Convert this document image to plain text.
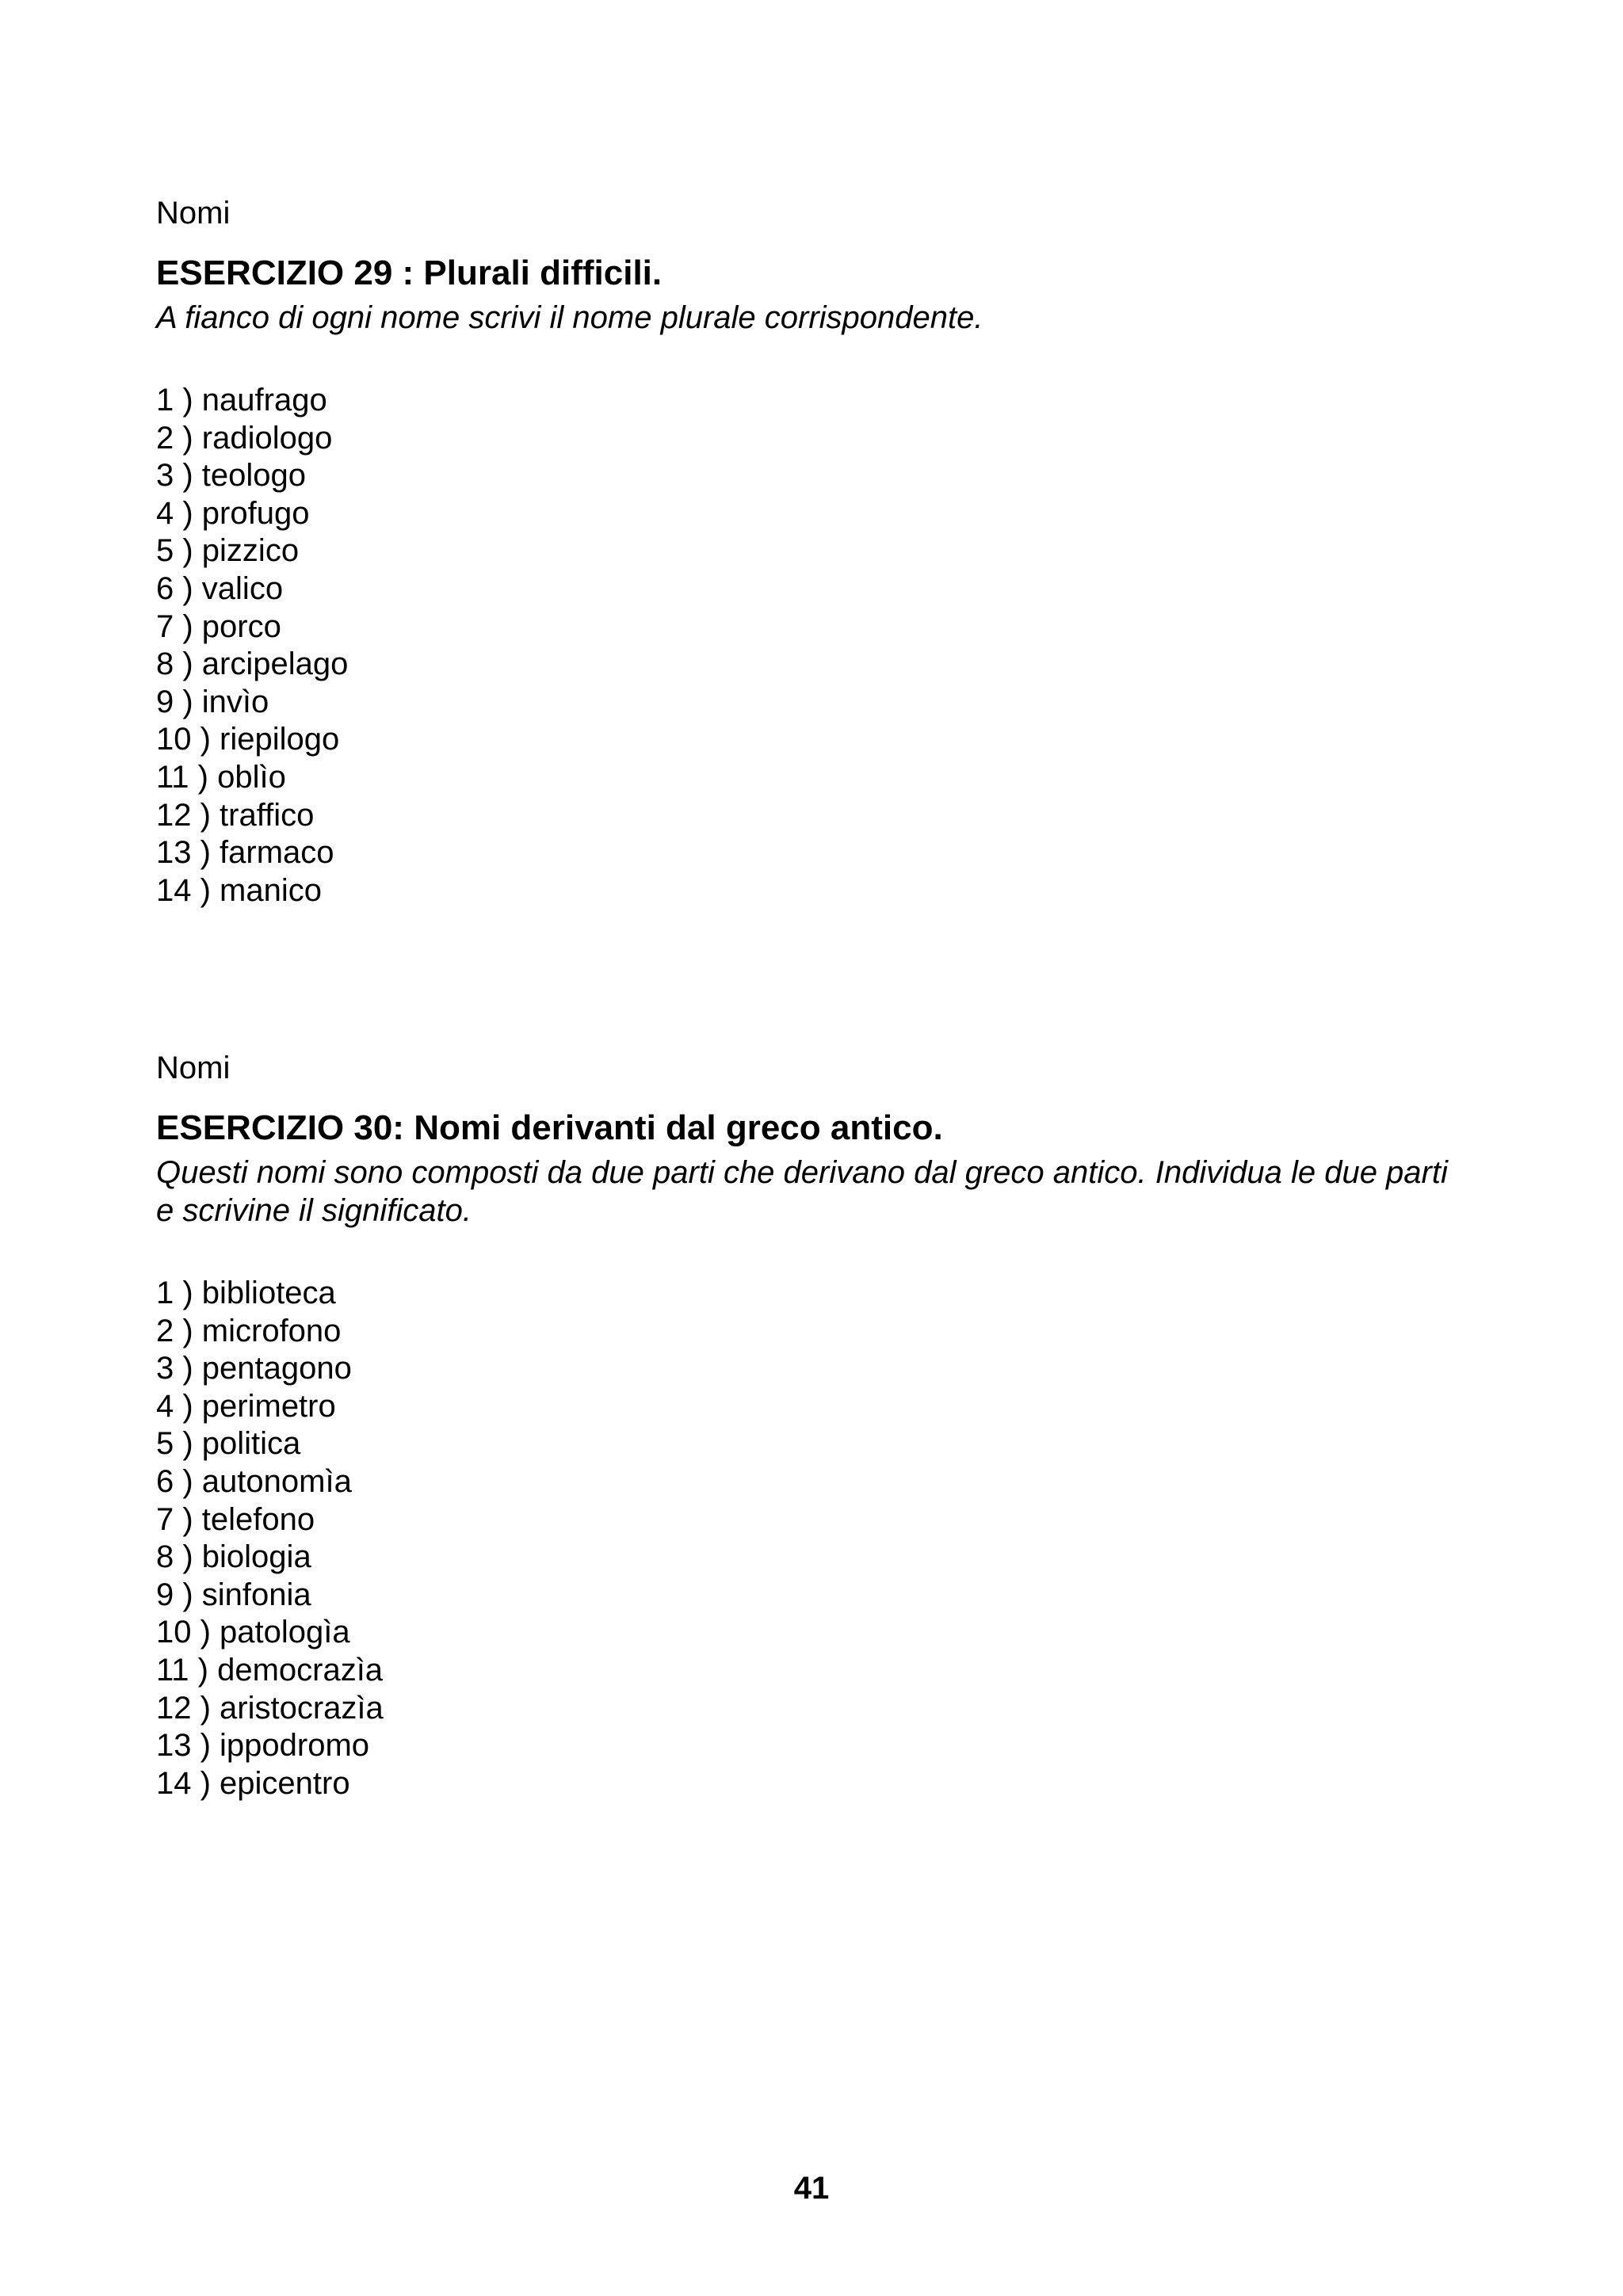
Nomi

ESERCIZIO 29 : Plurali difficili.

A fianco di ogni nome scrivi il nome plurale corrispondente.

1 ) naufrago
2 ) radiologo
3 ) teologo
4 ) profugo
5 ) pizzico
6 ) valico
7 ) porco
8 ) arcipelago
9 ) invìo
10 ) riepilogo
11 ) oblìo
12 ) traffico
13 ) farmaco
14 ) manico

Nomi

ESERCIZIO 30: Nomi derivanti dal greco antico.

Questi nomi sono composti da due parti che derivano dal greco antico. Individua le due parti e scrivine il significato.

1 ) biblioteca
2 ) microfono
3 ) pentagono
4 ) perimetro
5 ) politica
6 ) autonomìa
7 ) telefono
8 ) biologia
9 ) sinfonia
10 ) patologìa
11 ) democrazìa
12 ) aristocrazìa
13 ) ippodromo
14 ) epicentro
41
